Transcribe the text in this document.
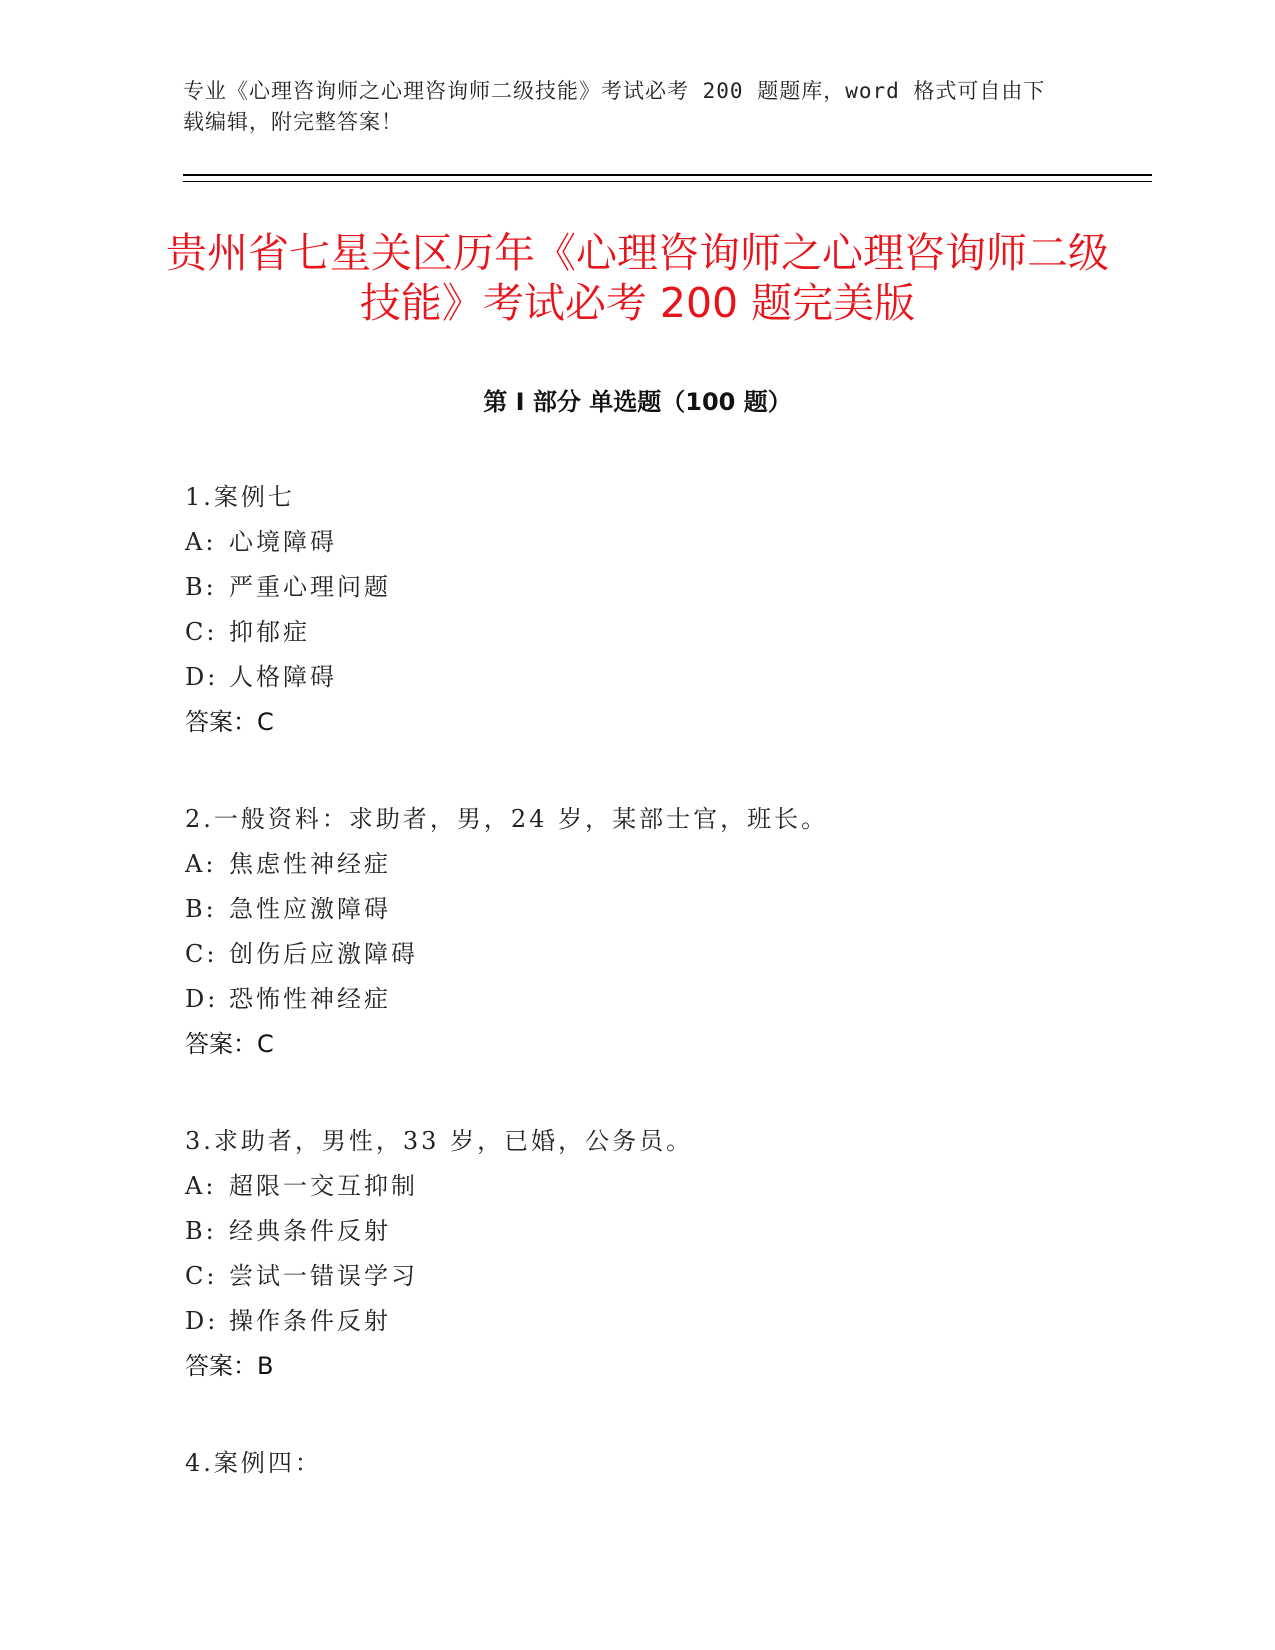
专业《心理咨询师之心理咨询师二级技能》考试必考 200 题题库，word 格式可自由下载编辑，附完整答案！
贵州省七星关区历年《心理咨询师之心理咨询师二级技能》考试必考 200 题完美版
第 I 部分 单选题（100 题）
1.案例七
A: 心境障碍
B: 严重心理问题
C: 抑郁症
D: 人格障碍
答案：C
2.一般资料：求助者，男，24 岁，某部士官，班长。
A: 焦虑性神经症
B: 急性应激障碍
C: 创伤后应激障碍
D: 恐怖性神经症
答案：C
3.求助者，男性，33 岁，已婚，公务员。
A: 超限一交互抑制
B: 经典条件反射
C: 尝试一错误学习
D: 操作条件反射
答案：B
4.案例四：
